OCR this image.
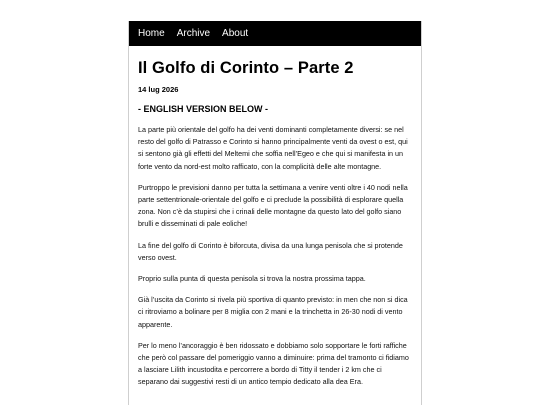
Home Archive About
Il Golfo di Corinto – Parte 2
14 lug 2026
- ENGLISH VERSION BELOW -

La parte più orientale del golfo ha dei venti dominanti completamente diversi: se nel resto del golfo di Patrasso e Corinto si hanno principalmente venti da ovest o est, qui si sentono già gli effetti del Meltemi che soffia nell’Egeo e che qui si manifesta in un forte vento da nord-est molto rafficato, con la complicità delle alte montagne.

Purtroppo le previsioni danno per tutta la settimana a venire venti oltre i 40 nodi nella parte settentrionale-orientale del golfo e ci preclude la possibilità di esplorare quella zona. Non c’è da stupirsi che i crinali delle montagne da questo lato del golfo siano brulli e disseminati di pale eoliche!

La fine del golfo di Corinto è biforcuta, divisa da una lunga penisola che si protende verso ovest.

Proprio sulla punta di questa penisola si trova la nostra prossima tappa.

Già l’uscita da Corinto si rivela più sportiva di quanto previsto: in men che non si dica ci ritroviamo a bolinare per 8 miglia con 2 mani e la trinchetta in 26-30 nodi di vento apparente.

Per lo meno l’ancoraggio è ben ridossato e dobbiamo solo sopportare le forti raffiche che però col passare del pomeriggio vanno a diminuire: prima del tramonto ci fidiamo a lasciare Lilith incustodita e percorrere a bordo di Titty il tender i 2 km che ci separano dai suggestivi resti di un antico tempio dedicato alla dea Era.
